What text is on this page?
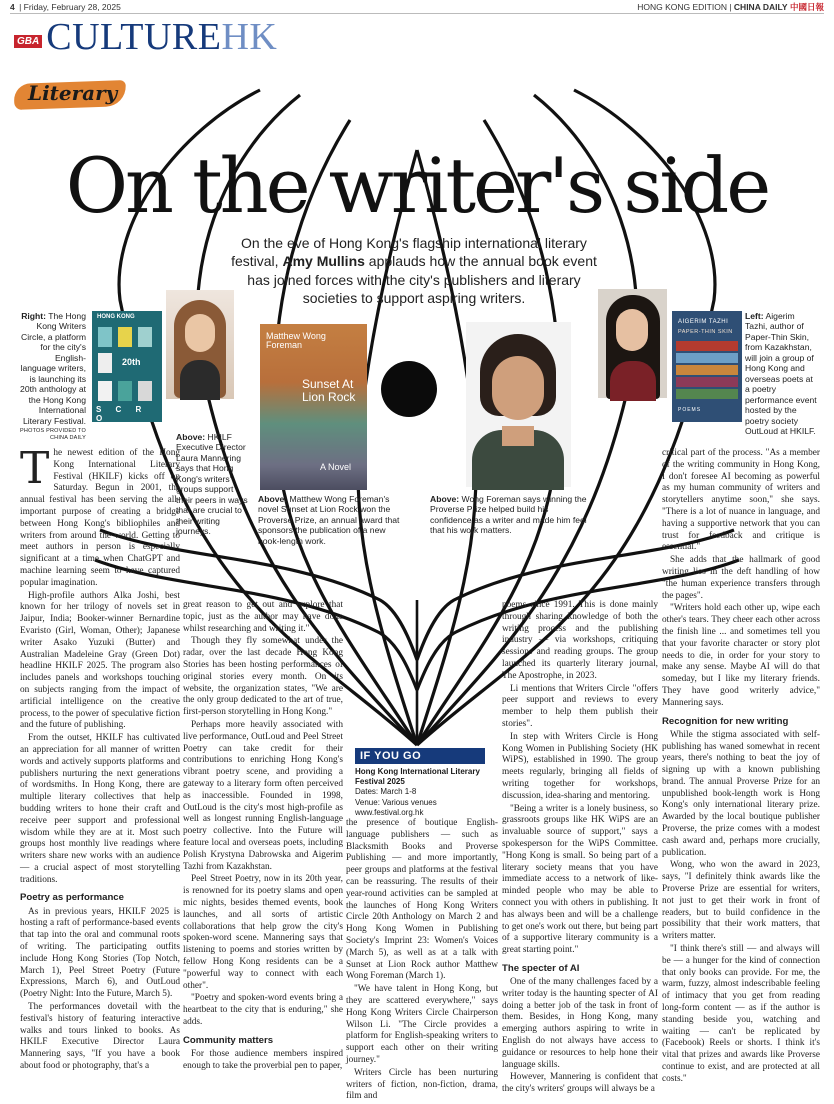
4 | Friday, February 28, 2025	HONG KONG EDITION | CHINA DAILY 中國日報
GBA CULTURE HK
Literary
On the writer's side
On the eve of Hong Kong's flagship international literary festival, Amy Mullins applauds how the annual book event has joined forces with the city's publishers and literary societies to support aspiring writers.
Right: The Hong Kong Writers Circle, a platform for the city's English-language writers, is launching its 20th anthology at the Hong Kong International Literary Festival.
PHOTOS PROVIDED TO CHINA DAILY
HONG KONG
20th
S C R O
Above: HKILF Executive Director Laura Mannering says that Hong Kong's writers' groups support their peers in ways that are crucial to their writing journeys.
Matthew Wong Foreman
Sunset At Lion Rock
A Novel
Above: Matthew Wong Foreman's novel Sunset at Lion Rock won the Proverse Prize, an annual award that sponsors the publication of a new book-length work.
Above: Wong Foreman says winning the Proverse Prize helped build his confidence as a writer and made him feel that his work matters.
AIGERIM TAZHI
PAPER-THIN SKIN
POEMS
Left: Aigerim Tazhi, author of Paper-Thin Skin, from Kazakhstan, will join a group of Hong Kong and overseas poets at a poetry performance event hosted by the poetry society OutLoud at HKILF.

The newest edition of the Hong Kong International Literary Festival (HKILF) kicks off on Saturday. Begun in 2001, the annual festival has been serving the all-important purpose of creating a bridge between Hong Kong's bibliophiles and writers from around the world. Getting to meet authors in person is especially significant at a time when ChatGPT and machine learning seem to have captured popular imagination.

High-profile authors Alka Joshi, best known for her trilogy of novels set in Jaipur, India; Booker-winner Bernardine Evaristo (Girl, Woman, Other); Japanese writer Asako Yuzuki (Butter) and Australian Madeleine Gray (Green Dot) headline HKILF 2025. The program also includes panels and workshops touching on subjects ranging from the impact of artificial intelligence on the creative process, to the power of speculative fiction and the future of publishing.

From the outset, HKILF has cultivated an appreciation for all manner of written words and actively supports platforms and publishers nurturing the next generations of wordsmiths. In Hong Kong, there are multiple literary collectives that help budding writers to hone their craft and receive peer support and professional wisdom while they are at it. Most such groups host monthly live readings where writers share new works with an audience — a crucial aspect of most storytelling traditions.

Poetry as performance

As in previous years, HKILF 2025 is hosting a raft of performance-based events that tap into the oral and communal roots of writing. The participating outfits include Hong Kong Stories (Top Notch, March 1), Peel Street Poetry (Future Expressions, March 6), and OutLoud (Poetry Night: Into the Future, March 5).

The performances dovetail with the festival's history of featuring interactive walks and tours linked to books. As HKILF Executive Director Laura Mannering says, "If you have a book about food or photography, that's a

great reason to get out and explore that topic, just as the author may have done whilst researching and writing it."

Though they fly somewhat under the radar, over the last decade Hong Kong Stories has been hosting performances of original stories every month. On its website, the organization states, "We are the only group dedicated to the art of true, first-person storytelling in Hong Kong."

Perhaps more heavily associated with live performance, OutLoud and Peel Street Poetry can take credit for their contributions to enriching Hong Kong's vibrant poetry scene, and providing a gateway to a literary form often perceived as inaccessible. Founded in 1998, OutLoud is the city's most high-profile as well as longest running English-language poetry collective. Into the Future will feature local and overseas poets, including Polish Krystyna Dabrowska and Aigerim Tazhi from Kazakhstan.

Peel Street Poetry, now in its 20th year, is renowned for its poetry slams and open mic nights, besides themed events, book launches, and all sorts of artistic collaborations that help grow the city's spoken-word scene. Mannering says that listening to poems and stories written by fellow Hong Kong residents can be a "powerful way to connect with each other".

"Poetry and spoken-word events bring a heartbeat to the city that is enduring," she adds.

Community matters

For those audience members inspired enough to take the proverbial pen to paper,

IF YOU GO
Hong Kong International Literary Festival 2025
Dates: March 1-8
Venue: Various venues
www.festival.org.hk

the presence of boutique English-language publishers — such as Blacksmith Books and Proverse Publishing — and more importantly, peer groups and platforms at the festival can be reassuring. The results of their year-round activities can be sampled at the launches of Hong Kong Writers Circle 20th Anthology on March 2 and Hong Kong Women in Publishing Society's Imprint 23: Women's Voices (March 5), as well as at a talk with Sunset at Lion Rock author Matthew Wong Foreman (March 1).

"We have talent in Hong Kong, but they are scattered everywhere," says Hong Kong Writers Circle Chairperson Wilson Li. "The Circle provides a platform for English-speaking writers to support each other on their writing journey."

Writers Circle has been nurturing writers of fiction, non-fiction, drama, film and

poems since 1991. This is done mainly through sharing knowledge of both the writing process and the publishing industry — via workshops, critiquing sessions and reading groups. The group launched its quarterly literary journal, The Apostrophe, in 2023.

Li mentions that Writers Circle "offers peer support and reviews to every member to help them publish their stories".

In step with Writers Circle is Hong Kong Women in Publishing Society (HK WiPS), established in 1990. The group meets regularly, bringing all fields of writing together for workshops, discussion, idea-sharing and mentoring.

"Being a writer is a lonely business, so grassroots groups like HK WiPS are an invaluable source of support," says a spokesperson for the WiPS Committee. "Hong Kong is small. So being part of a literary society means that you have immediate access to a network of like-minded people who may be able to connect you with others in publishing. It has always been and will be a challenge to get one's work out there, but being part of a supportive literary community is a great starting point."

The specter of AI

One of the many challenges faced by a writer today is the haunting specter of AI doing a better job of the task in front of them. Besides, in Hong Kong, many emerging authors aspiring to write in English do not always have access to guidance or resources to help hone their language skills.

However, Mannering is confident that the city's writers' groups will always be a

critical part of the process. "As a member of the writing community in Hong Kong, I don't foresee AI becoming as powerful as my human community of writers and storytellers anytime soon," she says. "There is a lot of nuance in language, and having a supportive network that you can trust for feedback and critique is essential."

She adds that the hallmark of good writing lies in the deft handling of how "the human experience transfers through the pages".

"Writers hold each other up, wipe each other's tears. They cheer each other across the finish line ... and sometimes tell you that your favorite character or story plot needs to die, in order for your story to make any sense. Maybe AI will do that someday, but I like my literary friends. They have good writerly advice," Mannering says.

Recognition for new writing

While the stigma associated with self-publishing has waned somewhat in recent years, there's nothing to beat the joy of signing up with a known publishing brand. The annual Proverse Prize for an unpublished book-length work is Hong Kong's only international literary prize. Awarded by the local boutique publisher Proverse, the prize comes with a modest cash award and, perhaps more crucially, publication.

Wong, who won the award in 2023, says, "I definitely think awards like the Proverse Prize are essential for writers, not just to get their work in front of readers, but to build confidence in the possibility that their work matters, that writers matter.

"I think there's still — and always will be — a hunger for the kind of connection that only books can provide. For me, the warm, fuzzy, almost indescribable feeling of intimacy that you get from reading long-form content — as if the author is standing beside you, watching and waiting — can't be replicated by (Facebook) Reels or shorts. I think it's vital that prizes and awards like Proverse continue to exist, and are protected at all costs."
